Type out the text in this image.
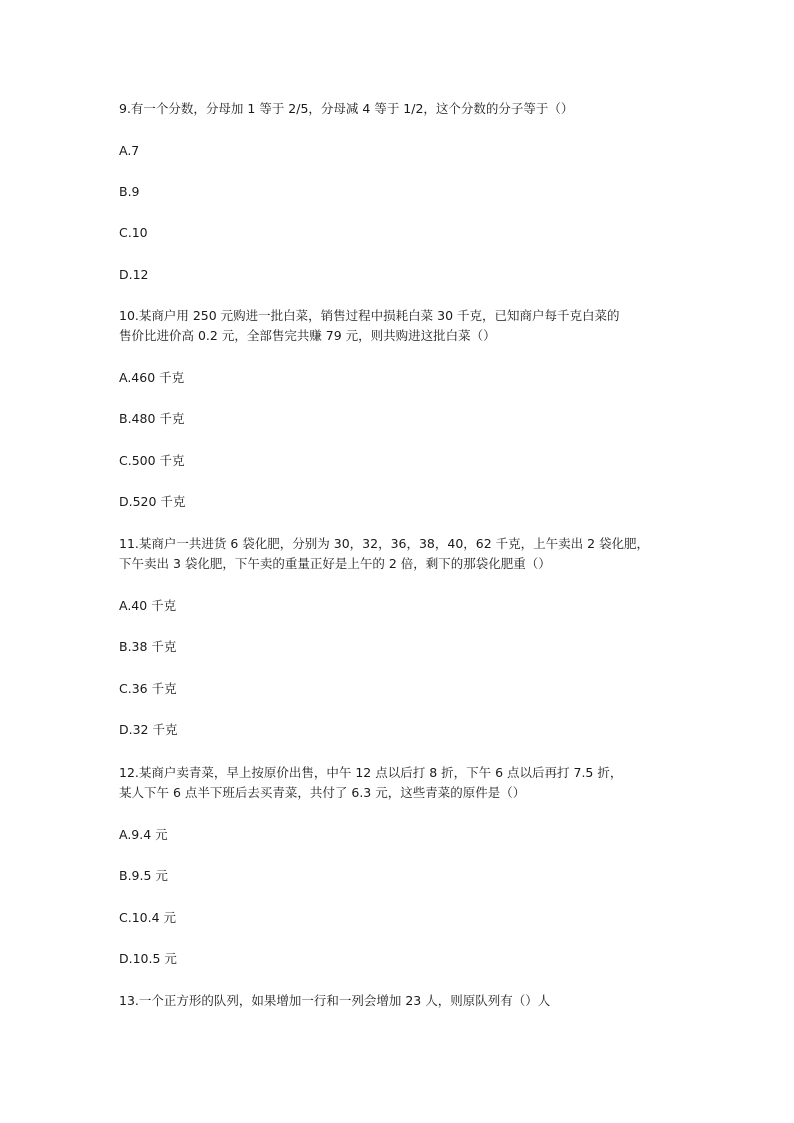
9.有一个分数，分母加 1 等于 2/5，分母减 4 等于 1/2，这个分数的分子等于（）

A.7

B.9

C.10

D.12

10.某商户用 250 元购进一批白菜，销售过程中损耗白菜 30 千克，已知商户每千克白菜的

售价比进价高 0.2 元，全部售完共赚 79 元，则共购进这批白菜（）

A.460 千克

B.480 千克

C.500 千克

D.520 千克

11.某商户一共进货 6 袋化肥，分别为 30，32，36，38，40，62 千克，上午卖出 2 袋化肥，

下午卖出 3 袋化肥，下午卖的重量正好是上午的 2 倍，剩下的那袋化肥重（）

A.40 千克

B.38 千克

C.36 千克

D.32 千克

12.某商户卖青菜，早上按原价出售，中午 12 点以后打 8 折，下午 6 点以后再打 7.5 折，

某人下午 6 点半下班后去买青菜，共付了 6.3 元，这些青菜的原件是（）

A.9.4 元

B.9.5 元

C.10.4 元

D.10.5 元

13.一个正方形的队列，如果增加一行和一列会增加 23 人，则原队列有（）人
